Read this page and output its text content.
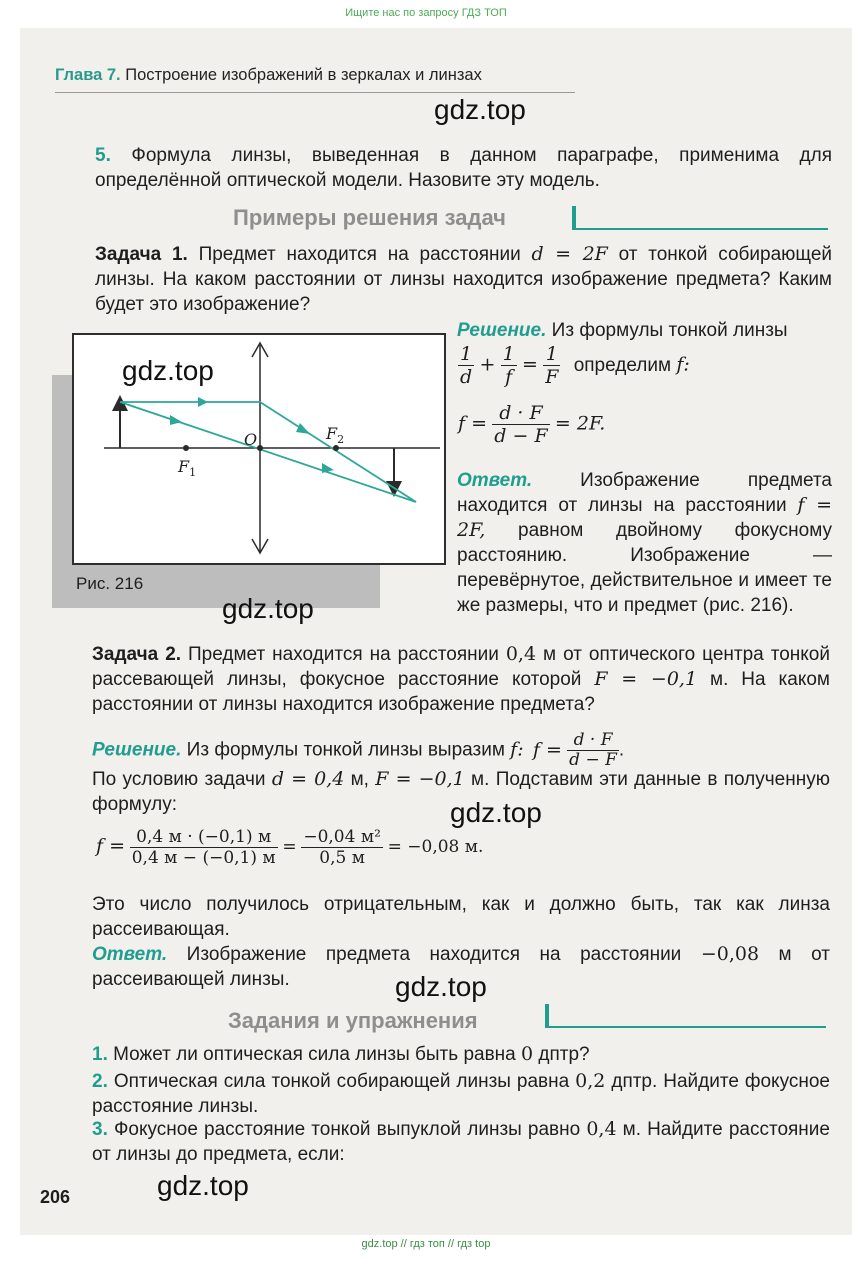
Ищите нас по запросу ГДЗ ТОП
Глава 7. Построение изображений в зеркалах и линзах
gdz.top
5. Формула линзы, выведенная в данном параграфе, применима для определённой оптической модели. Назовите эту модель.
Примеры решения задач
Задача 1. Предмет находится на расстоянии d = 2F от тонкой собирающей линзы. На каком расстоянии от линзы находится изображение предмета? Каким будет это изображение?
Решение. Из формулы тонкой линзы
$\frac{1}{d} + \frac{1}{f} = \frac{1}{F}$ определим f:
$f = \frac{d \cdot F}{d - F} = 2F$.
Ответ. Изображение предмета находится от линзы на расстоянии f = 2F, равном двойному фокусному расстоянию. Изображение — перевёрнутое, действительное и имеет те же размеры, что и предмет (рис. 216).
O
$F_1$
$F_2$
Рис. 216
gdz.top
gdz.top
Задача 2. Предмет находится на расстоянии 0,4 м от оптического центра тонкой рассевающей линзы, фокусное расстояние которой F = −0,1 м. На каком расстоянии от линзы находится изображение предмета?
Решение. Из формулы тонкой линзы выразим f: $f = \frac{d \cdot F}{d - F}$ .
По условию задачи d = 0,4 м, F = −0,1 м. Подставим эти данные в полученную формулу:	gdz.top
$f = \frac{0,4 м \cdot (-0,1) м}{0,4 м - (-0,1) м} = \frac{\text{−0,04 м²}}{0,5 м} = -0,08$ м.
Это число получилось отрицательным, как и должно быть, так как линза рассеивающая.
Ответ. Изображение предмета находится на расстоянии −0,08 м от рассеивающей линзы.	gdz.top
Задания и упражнения
1. Может ли оптическая сила линзы быть равна 0 дптр?
2. Оптическая сила тонкой собирающей линзы равна 0,2 дптр. Найдите фокусное расстояние линзы.
3. Фокусное расстояние тонкой выпуклой линзы равно 0,4 м. Найдите расстояние от линзы до предмета, если:
206	gdz.top
gdz.top // гдз топ // гдз top
